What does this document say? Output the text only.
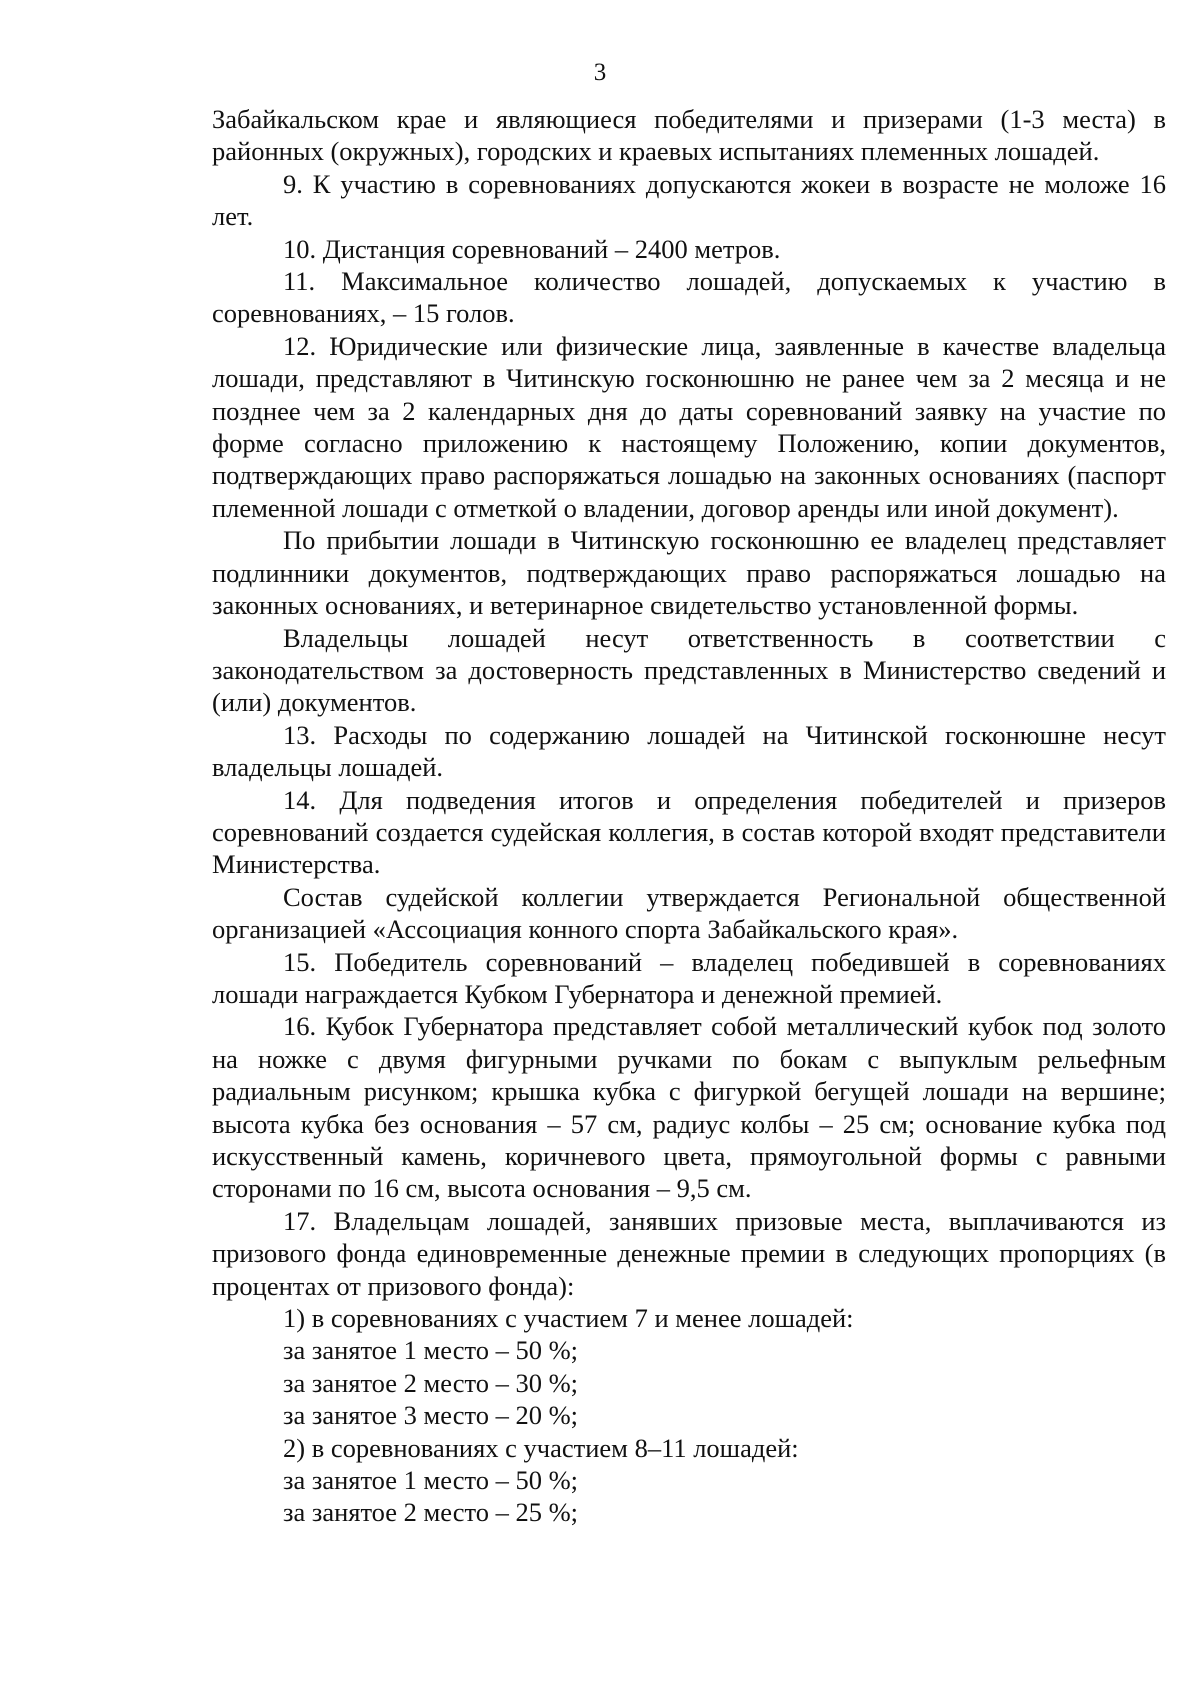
3

Забайкальском крае и являющиеся победителями и призерами (1-3 места) в районных (окружных), городских и краевых испытаниях племенных лошадей.

9. К участию в соревнованиях допускаются жокеи в возрасте не моложе 16 лет.

10. Дистанция соревнований – 2400 метров.

11. Максимальное количество лошадей, допускаемых к участию в соревнованиях, – 15 голов.

12. Юридические или физические лица, заявленные в качестве владельца лошади, представляют в Читинскую госконюшню не ранее чем за 2 месяца и не позднее чем за 2 календарных дня до даты соревнований заявку на участие по форме согласно приложению к настоящему Положению, копии документов, подтверждающих право распоряжаться лошадью на законных основаниях (паспорт племенной лошади с отметкой о владении, договор аренды или иной документ).

По прибытии лошади в Читинскую госконюшню ее владелец представляет подлинники документов, подтверждающих право распоряжаться лошадью на законных основаниях, и ветеринарное свидетельство установленной формы.

Владельцы лошадей несут ответственность в соответствии с законодательством за достоверность представленных в Министерство сведений и (или) документов.

13. Расходы по содержанию лошадей на Читинской госконюшне несут владельцы лошадей.

14. Для подведения итогов и определения победителей и призеров соревнований создается судейская коллегия, в состав которой входят представители Министерства.

Состав судейской коллегии утверждается Региональной общественной организацией «Ассоциация конного спорта Забайкальского края».

15. Победитель соревнований – владелец победившей в соревнованиях лошади награждается Кубком Губернатора и денежной премией.

16. Кубок Губернатора представляет собой металлический кубок под золото на ножке с двумя фигурными ручками по бокам с выпуклым рельефным радиальным рисунком; крышка кубка с фигуркой бегущей лошади на вершине; высота кубка без основания – 57 см, радиус колбы – 25 см; основание кубка под искусственный камень, коричневого цвета, прямоугольной формы с равными сторонами по 16 см, высота основания – 9,5 см.

17. Владельцам лошадей, занявших призовые места, выплачиваются из призового фонда единовременные денежные премии в следующих пропорциях (в процентах от призового фонда):

1) в соревнованиях с участием 7 и менее лошадей:
за занятое 1 место – 50 %;
за занятое 2 место – 30 %;
за занятое 3 место – 20 %;
2) в соревнованиях с участием 8–11 лошадей:
за занятое 1 место – 50 %;
за занятое 2 место – 25 %;
